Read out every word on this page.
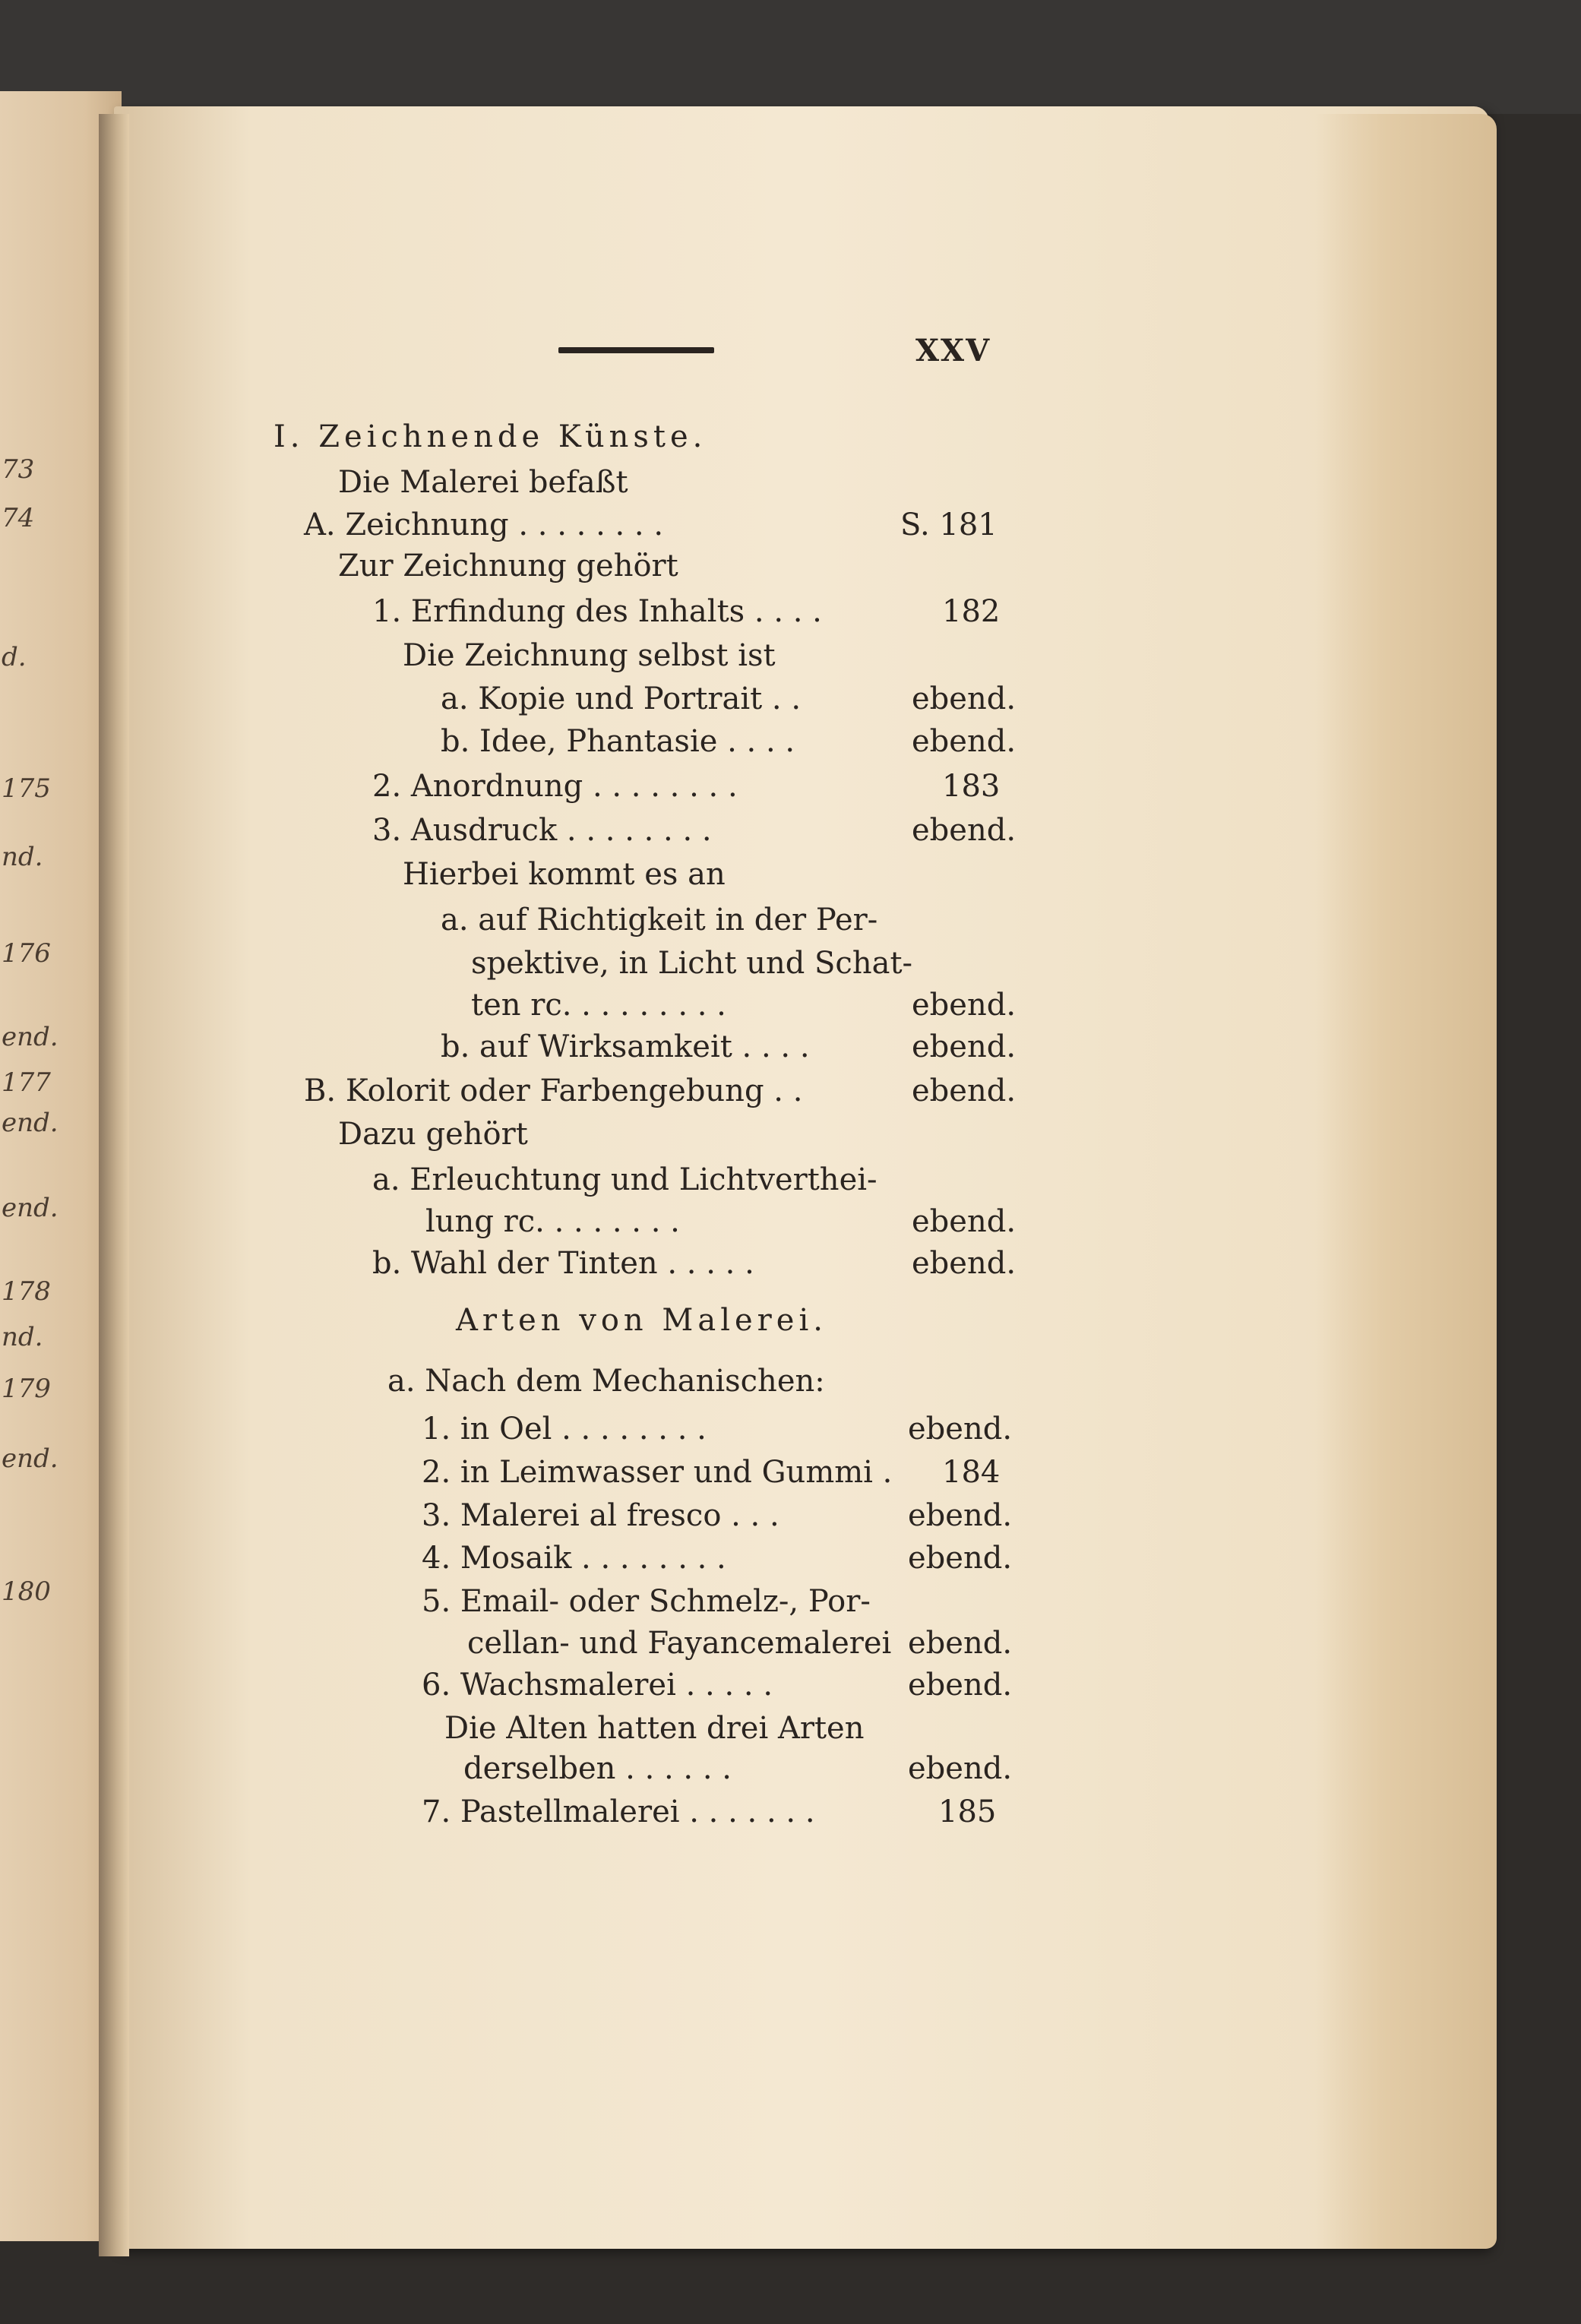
73
74
d.
175
nd.
176
end.
177
end.
end.
178
nd.
179
end.
180
XXV
I. Zeichnende Künste.
Die Malerei befaßt
A. Zeichnung . . . . . . . .	S. 181
Zur Zeichnung gehört
1. Erfindung des Inhalts . . . .	182
Die Zeichnung selbst ist
a. Kopie und Portrait . .	ebend.
b. Idee, Phantasie . . . .	ebend.
2. Anordnung . . . . . . . .	183
3. Ausdruck . . . . . . . .	ebend.
Hierbei kommt es an
a. auf Richtigkeit in der Per-
spektive, in Licht und Schat-
ten rc. . . . . . . . .	ebend.
b. auf Wirksamkeit . . . .	ebend.
B. Kolorit oder Farbengebung . .	ebend.
Dazu gehört
a. Erleuchtung und Lichtverthei-
lung rc. . . . . . . .	ebend.
b. Wahl der Tinten . . . . .	ebend.
Arten von Malerei.
a. Nach dem Mechanischen:
1. in Oel . . . . . . . .	ebend.
2. in Leimwasser und Gummi . 184
3. Malerei al fresco . . .	ebend.
4. Mosaik . . . . . . . .	ebend.
5. Email- oder Schmelz-, Por-
cellan- und Fayancemalerei ebend.
6. Wachsmalerei . . . . .	ebend.
Die Alten hatten drei Arten
derselben . . . . . .	ebend.
7. Pastellmalerei . . . . . . .	185
